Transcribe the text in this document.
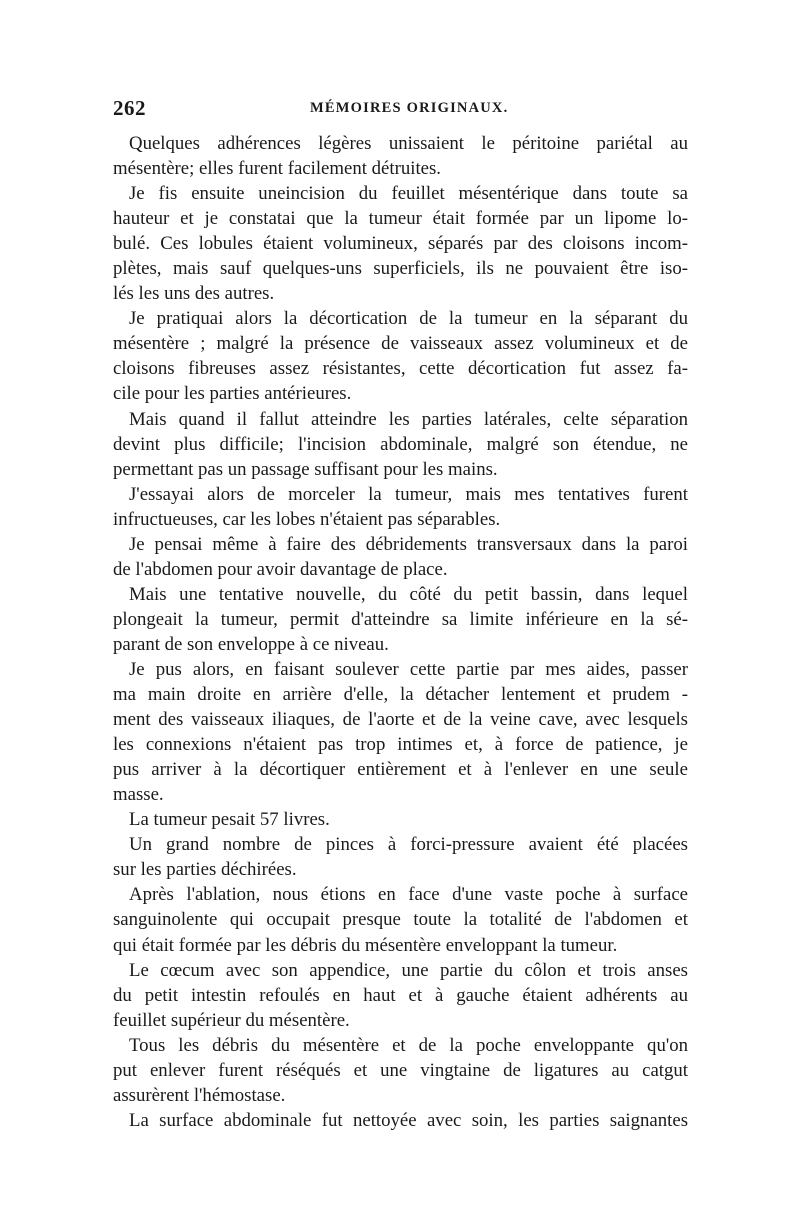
262	MÉMOIRES ORIGINAUX.
Quelques adhérences légères unissaient le péritoine pariétal au
mésentère; elles furent facilement détruites.
Je fis ensuite uneincision du feuillet mésentérique dans toute sa
hauteur et je constatai que la tumeur était formée par un lipome lo-
bulé. Ces lobules étaient volumineux, séparés par des cloisons incom-
plètes, mais sauf quelques-uns superficiels, ils ne pouvaient être iso-
lés les uns des autres.
Je pratiquai alors la décortication de la tumeur en la séparant du
mésentère ; malgré la présence de vaisseaux assez volumineux et de
cloisons fibreuses assez résistantes, cette décortication fut assez fa-
cile pour les parties antérieures.
Mais quand il fallut atteindre les parties latérales, celte séparation
devint plus difficile; l'incision abdominale, malgré son étendue, ne
permettant pas un passage suffisant pour les mains.
J'essayai alors de morceler la tumeur, mais mes tentatives furent
infructueuses, car les lobes n'étaient pas séparables.
Je pensai même à faire des débridements transversaux dans la paroi
de l'abdomen pour avoir davantage de place.
Mais une tentative nouvelle, du côté du petit bassin, dans lequel
plongeait la tumeur, permit d'atteindre sa limite inférieure en la sé-
parant de son enveloppe à ce niveau.
Je pus alors, en faisant soulever cette partie par mes aides, passer
ma main droite en arrière d'elle, la détacher lentement et prudem -
ment des vaisseaux iliaques, de l'aorte et de la veine cave, avec lesquels
les connexions n'étaient pas trop intimes et, à force de patience, je
pus arriver à la décortiquer entièrement et à l'enlever en une seule
masse.
La tumeur pesait 57 livres.
Un grand nombre de pinces à forci-pressure avaient été placées
sur les parties déchirées.
Après l'ablation, nous étions en face d'une vaste poche à surface
sanguinolente qui occupait presque toute la totalité de l'abdomen et
qui était formée par les débris du mésentère enveloppant la tumeur.
Le cœcum avec son appendice, une partie du côlon et trois anses
du petit intestin refoulés en haut et à gauche étaient adhérents au
feuillet supérieur du mésentère.
Tous les débris du mésentère et de la poche enveloppante qu'on
put enlever furent réséqués et une vingtaine de ligatures au catgut
assurèrent l'hémostase.
La surface abdominale fut nettoyée avec soin, les parties saignantes
